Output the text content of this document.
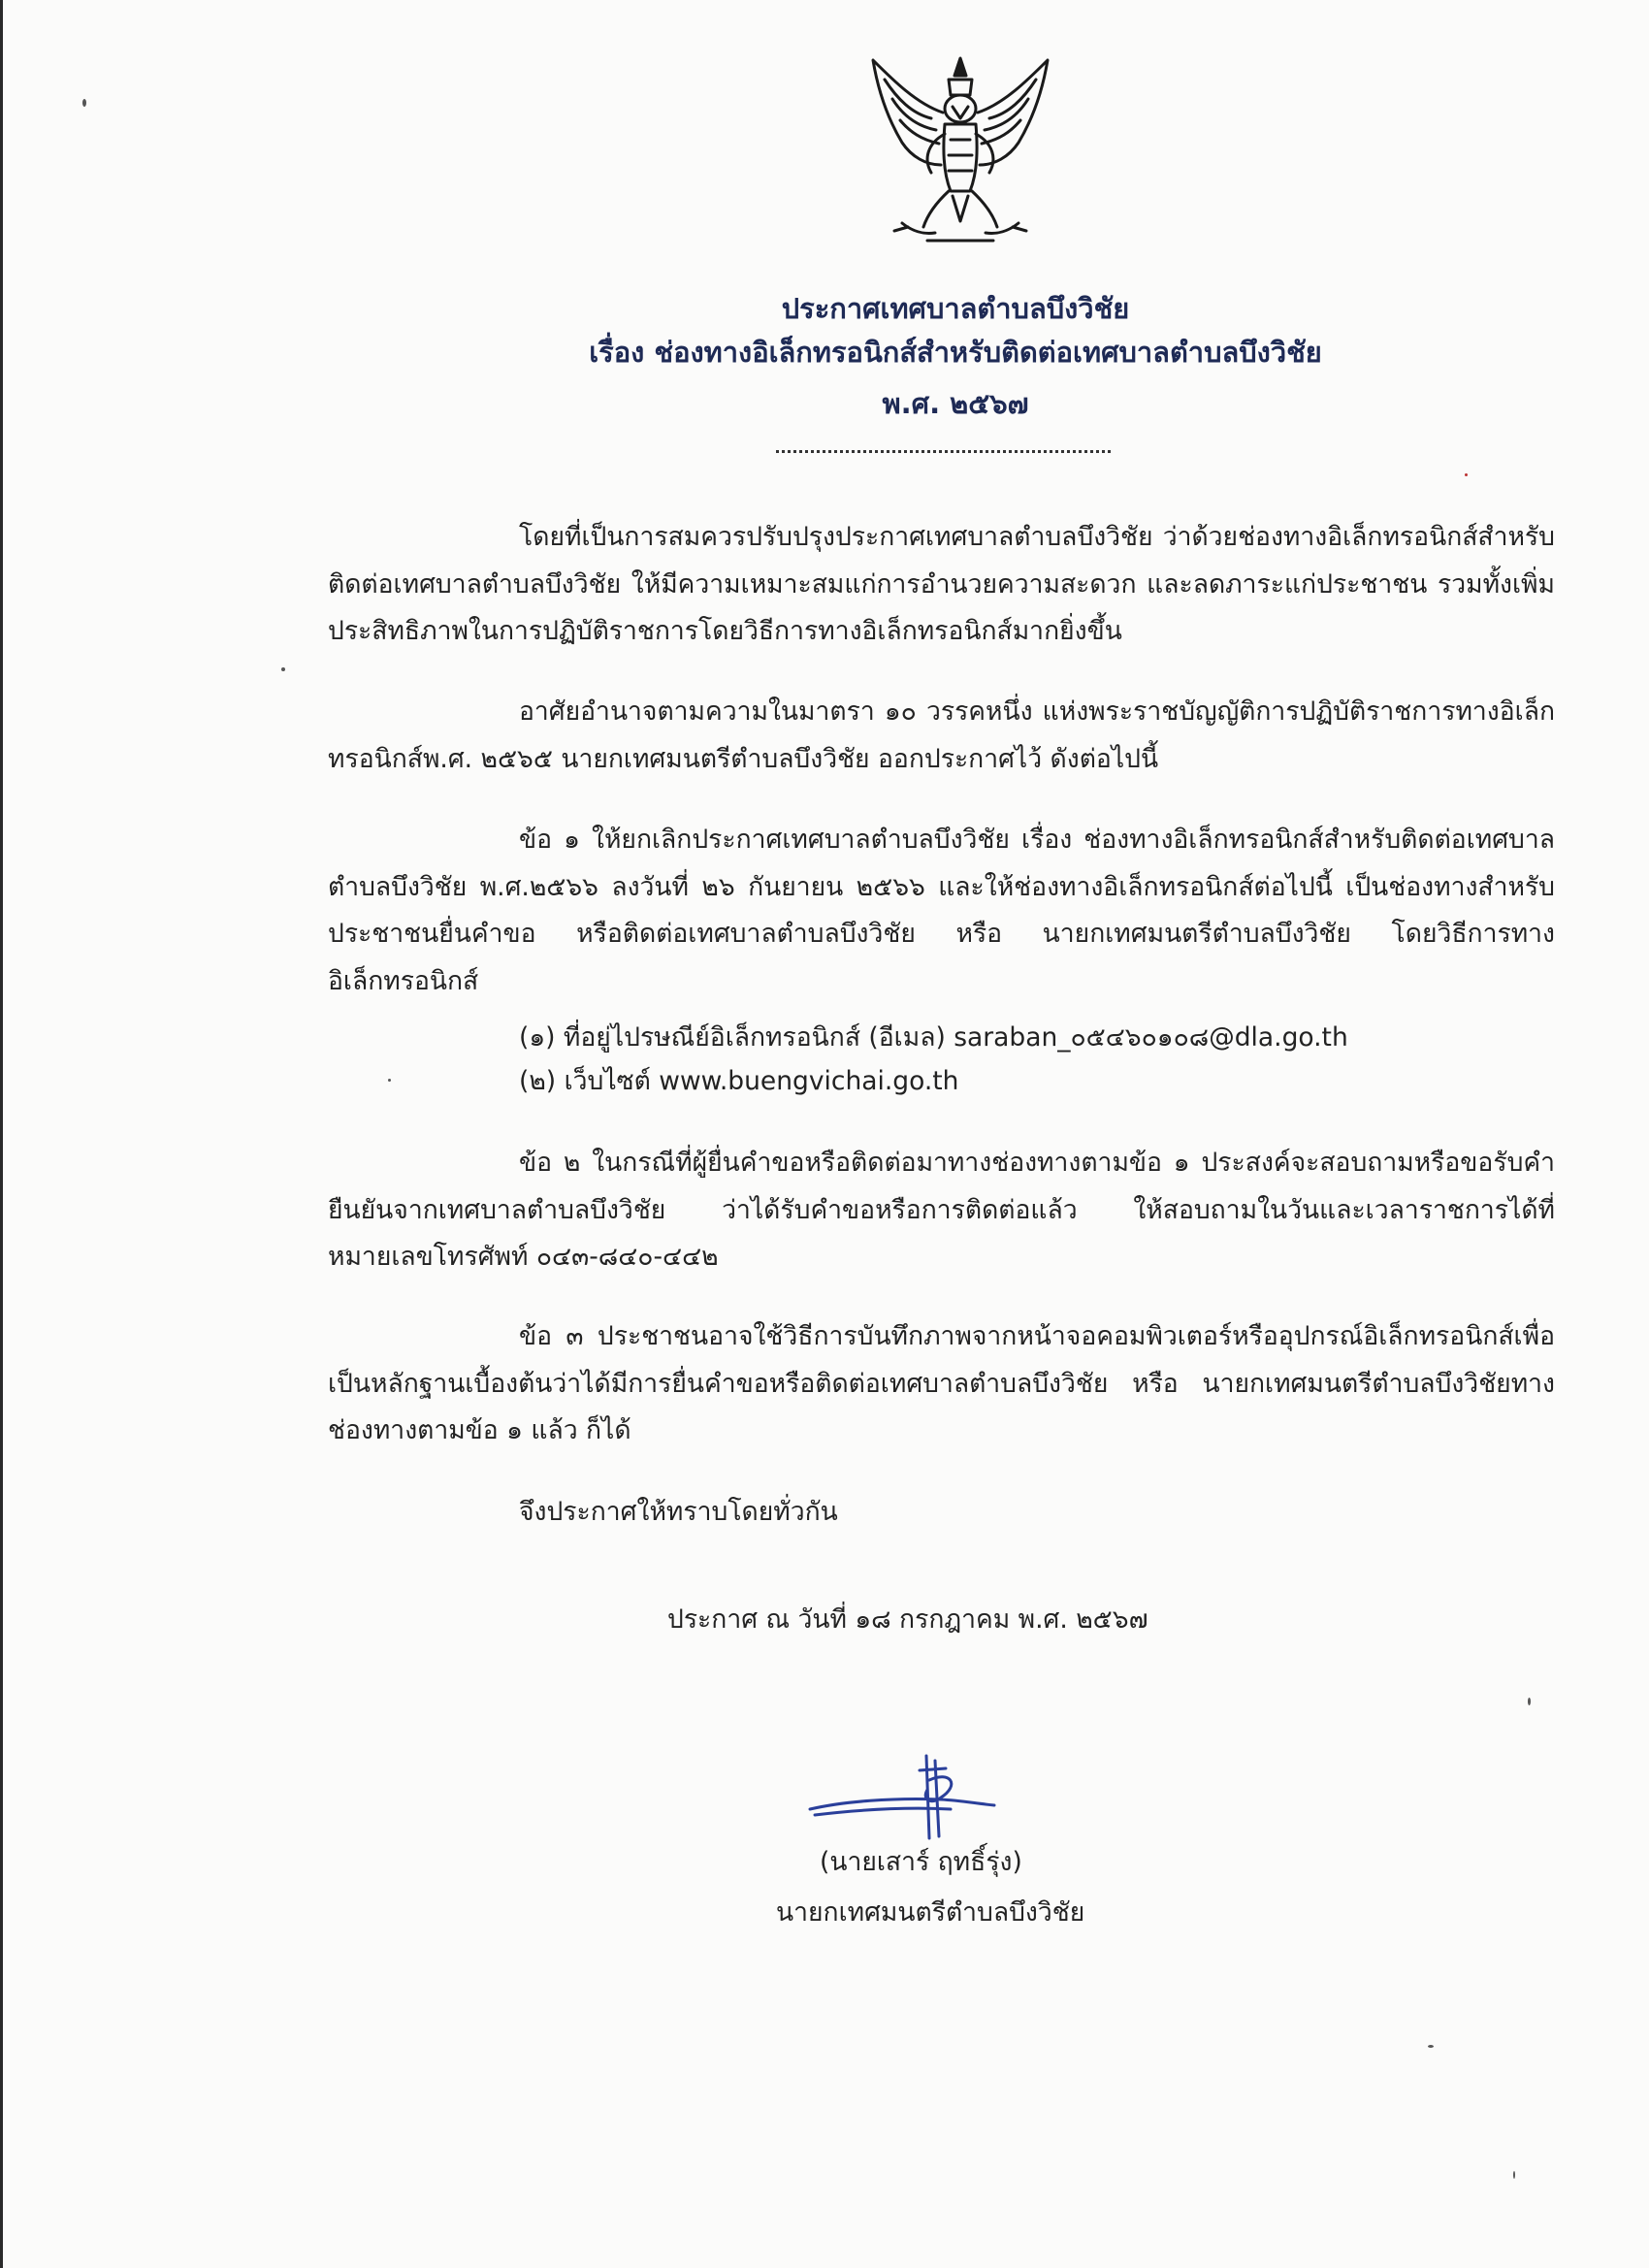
ประกาศเทศบาลตำบลบึงวิชัย
เรื่อง ช่องทางอิเล็กทรอนิกส์สำหรับติดต่อเทศบาลตำบลบึงวิชัย
พ.ศ. ๒๕๖๗

โดยที่เป็นการสมควรปรับปรุงประกาศเทศบาลตำบลบึงวิชัย ว่าด้วยช่องทางอิเล็กทรอนิกส์สำหรับติดต่อเทศบาลตำบลบึงวิชัย ให้มีความเหมาะสมแก่การอำนวยความสะดวก และลดภาระแก่ประชาชน รวมทั้งเพิ่มประสิทธิภาพในการปฏิบัติราชการโดยวิธีการทางอิเล็กทรอนิกส์มากยิ่งขึ้น

อาศัยอำนาจตามความในมาตรา ๑๐ วรรคหนึ่ง แห่งพระราชบัญญัติการปฏิบัติราชการทางอิเล็กทรอนิกส์พ.ศ. ๒๕๖๕ นายกเทศมนตรีตำบลบึงวิชัย ออกประกาศไว้ ดังต่อไปนี้

ข้อ ๑ ให้ยกเลิกประกาศเทศบาลตำบลบึงวิชัย เรื่อง ช่องทางอิเล็กทรอนิกส์สำหรับติดต่อเทศบาลตำบลบึงวิชัย พ.ศ.๒๕๖๖ ลงวันที่ ๒๖ กันยายน ๒๕๖๖ และให้ช่องทางอิเล็กทรอนิกส์ต่อไปนี้ เป็นช่องทางสำหรับประชาชนยื่นคำขอ หรือติดต่อเทศบาลตำบลบึงวิชัย หรือ นายกเทศมนตรีตำบลบึงวิชัย โดยวิธีการทางอิเล็กทรอนิกส์

(๑) ที่อยู่ไปรษณีย์อิเล็กทรอนิกส์ (อีเมล) saraban_๐๕๔๖๐๑๐๘@dla.go.th
(๒) เว็บไซต์ www.buengvichai.go.th

ข้อ ๒ ในกรณีที่ผู้ยื่นคำขอหรือติดต่อมาทางช่องทางตามข้อ ๑ ประสงค์จะสอบถามหรือขอรับคำยืนยันจากเทศบาลตำบลบึงวิชัย ว่าได้รับคำขอหรือการติดต่อแล้ว ให้สอบถามในวันและเวลาราชการได้ที่หมายเลขโทรศัพท์ ๐๔๓-๘๔๐-๔๔๒

ข้อ ๓ ประชาชนอาจใช้วิธีการบันทึกภาพจากหน้าจอคอมพิวเตอร์หรืออุปกรณ์อิเล็กทรอนิกส์เพื่อเป็นหลักฐานเบื้องต้นว่าได้มีการยื่นคำขอหรือติดต่อเทศบาลตำบลบึงวิชัย หรือ นายกเทศมนตรีตำบลบึงวิชัยทาง ช่องทางตามข้อ ๑ แล้ว ก็ได้

จึงประกาศให้ทราบโดยทั่วกัน

ประกาศ ณ วันที่ ๑๘ กรกฎาคม พ.ศ. ๒๕๖๗
(นายเสาร์ ฤทธิ์รุ่ง)
นายกเทศมนตรีตำบลบึงวิชัย
